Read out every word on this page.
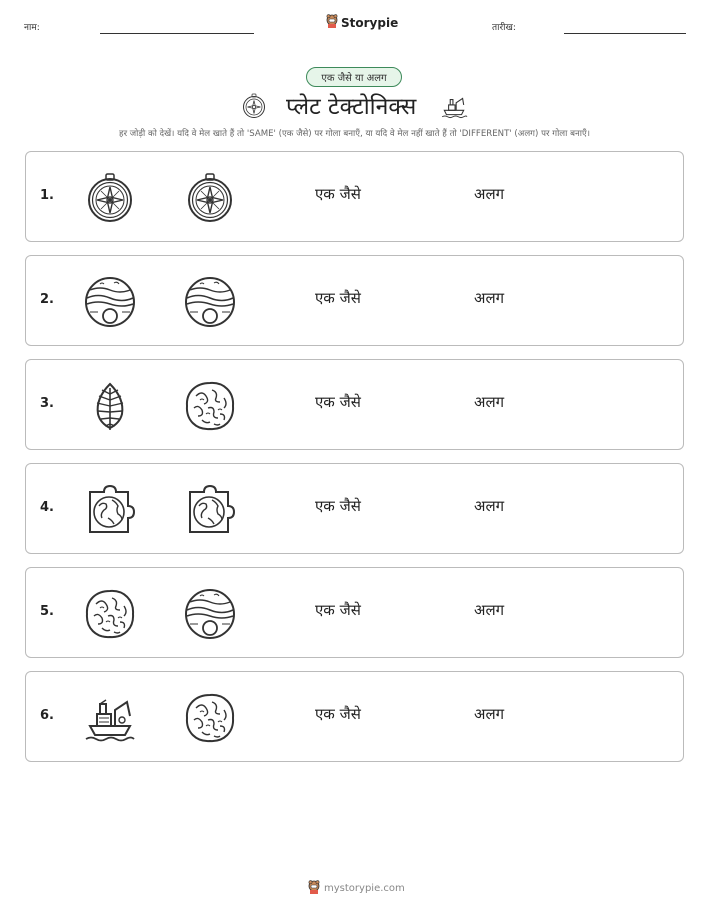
नाम:	Storypie	तारीख:
एक जैसे या अलग
प्लेट टेक्टोनिक्स
हर जोड़ी को देखें। यदि वे मेल खाते हैं तो 'SAME' (एक जैसे) पर गोला बनाएँ, या यदि वे मेल नहीं खाते हैं तो 'DIFFERENT' (अलग) पर गोला बनाएँ।
1.	एक जैसे	अलग
2.	एक जैसे	अलग
3.	एक जैसे	अलग
4.	एक जैसे	अलग
5.	एक जैसे	अलग
6.	एक जैसे	अलग
mystorypie.com
